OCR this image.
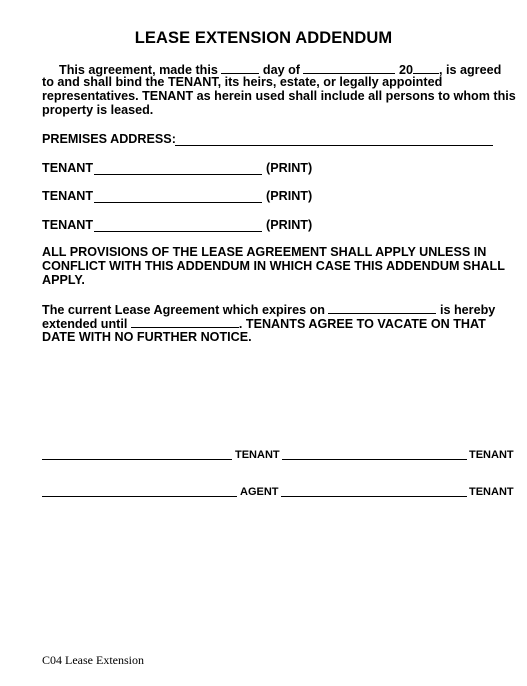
LEASE EXTENSION ADDENDUM
This agreement, made this	day of	20 , is agreed
to and shall bind the TENANT, its heirs, estate, or legally appointed
representatives. TENANT as herein used shall include all persons to whom this
property is leased.
PREMISES ADDRESS:
TENANT	(PRINT)
TENANT	(PRINT)
TENANT	(PRINT)
ALL PROVISIONS OF THE LEASE AGREEMENT SHALL APPLY UNLESS IN
CONFLICT WITH THIS ADDENDUM IN WHICH CASE THIS ADDENDUM SHALL
APPLY.
The current Lease Agreement which expires on	is hereby
extended until	. TENANTS AGREE TO VACATE ON THAT
DATE WITH NO FURTHER NOTICE.
TENANT	TENANT
AGENT	TENANT
C04 Lease Extension
